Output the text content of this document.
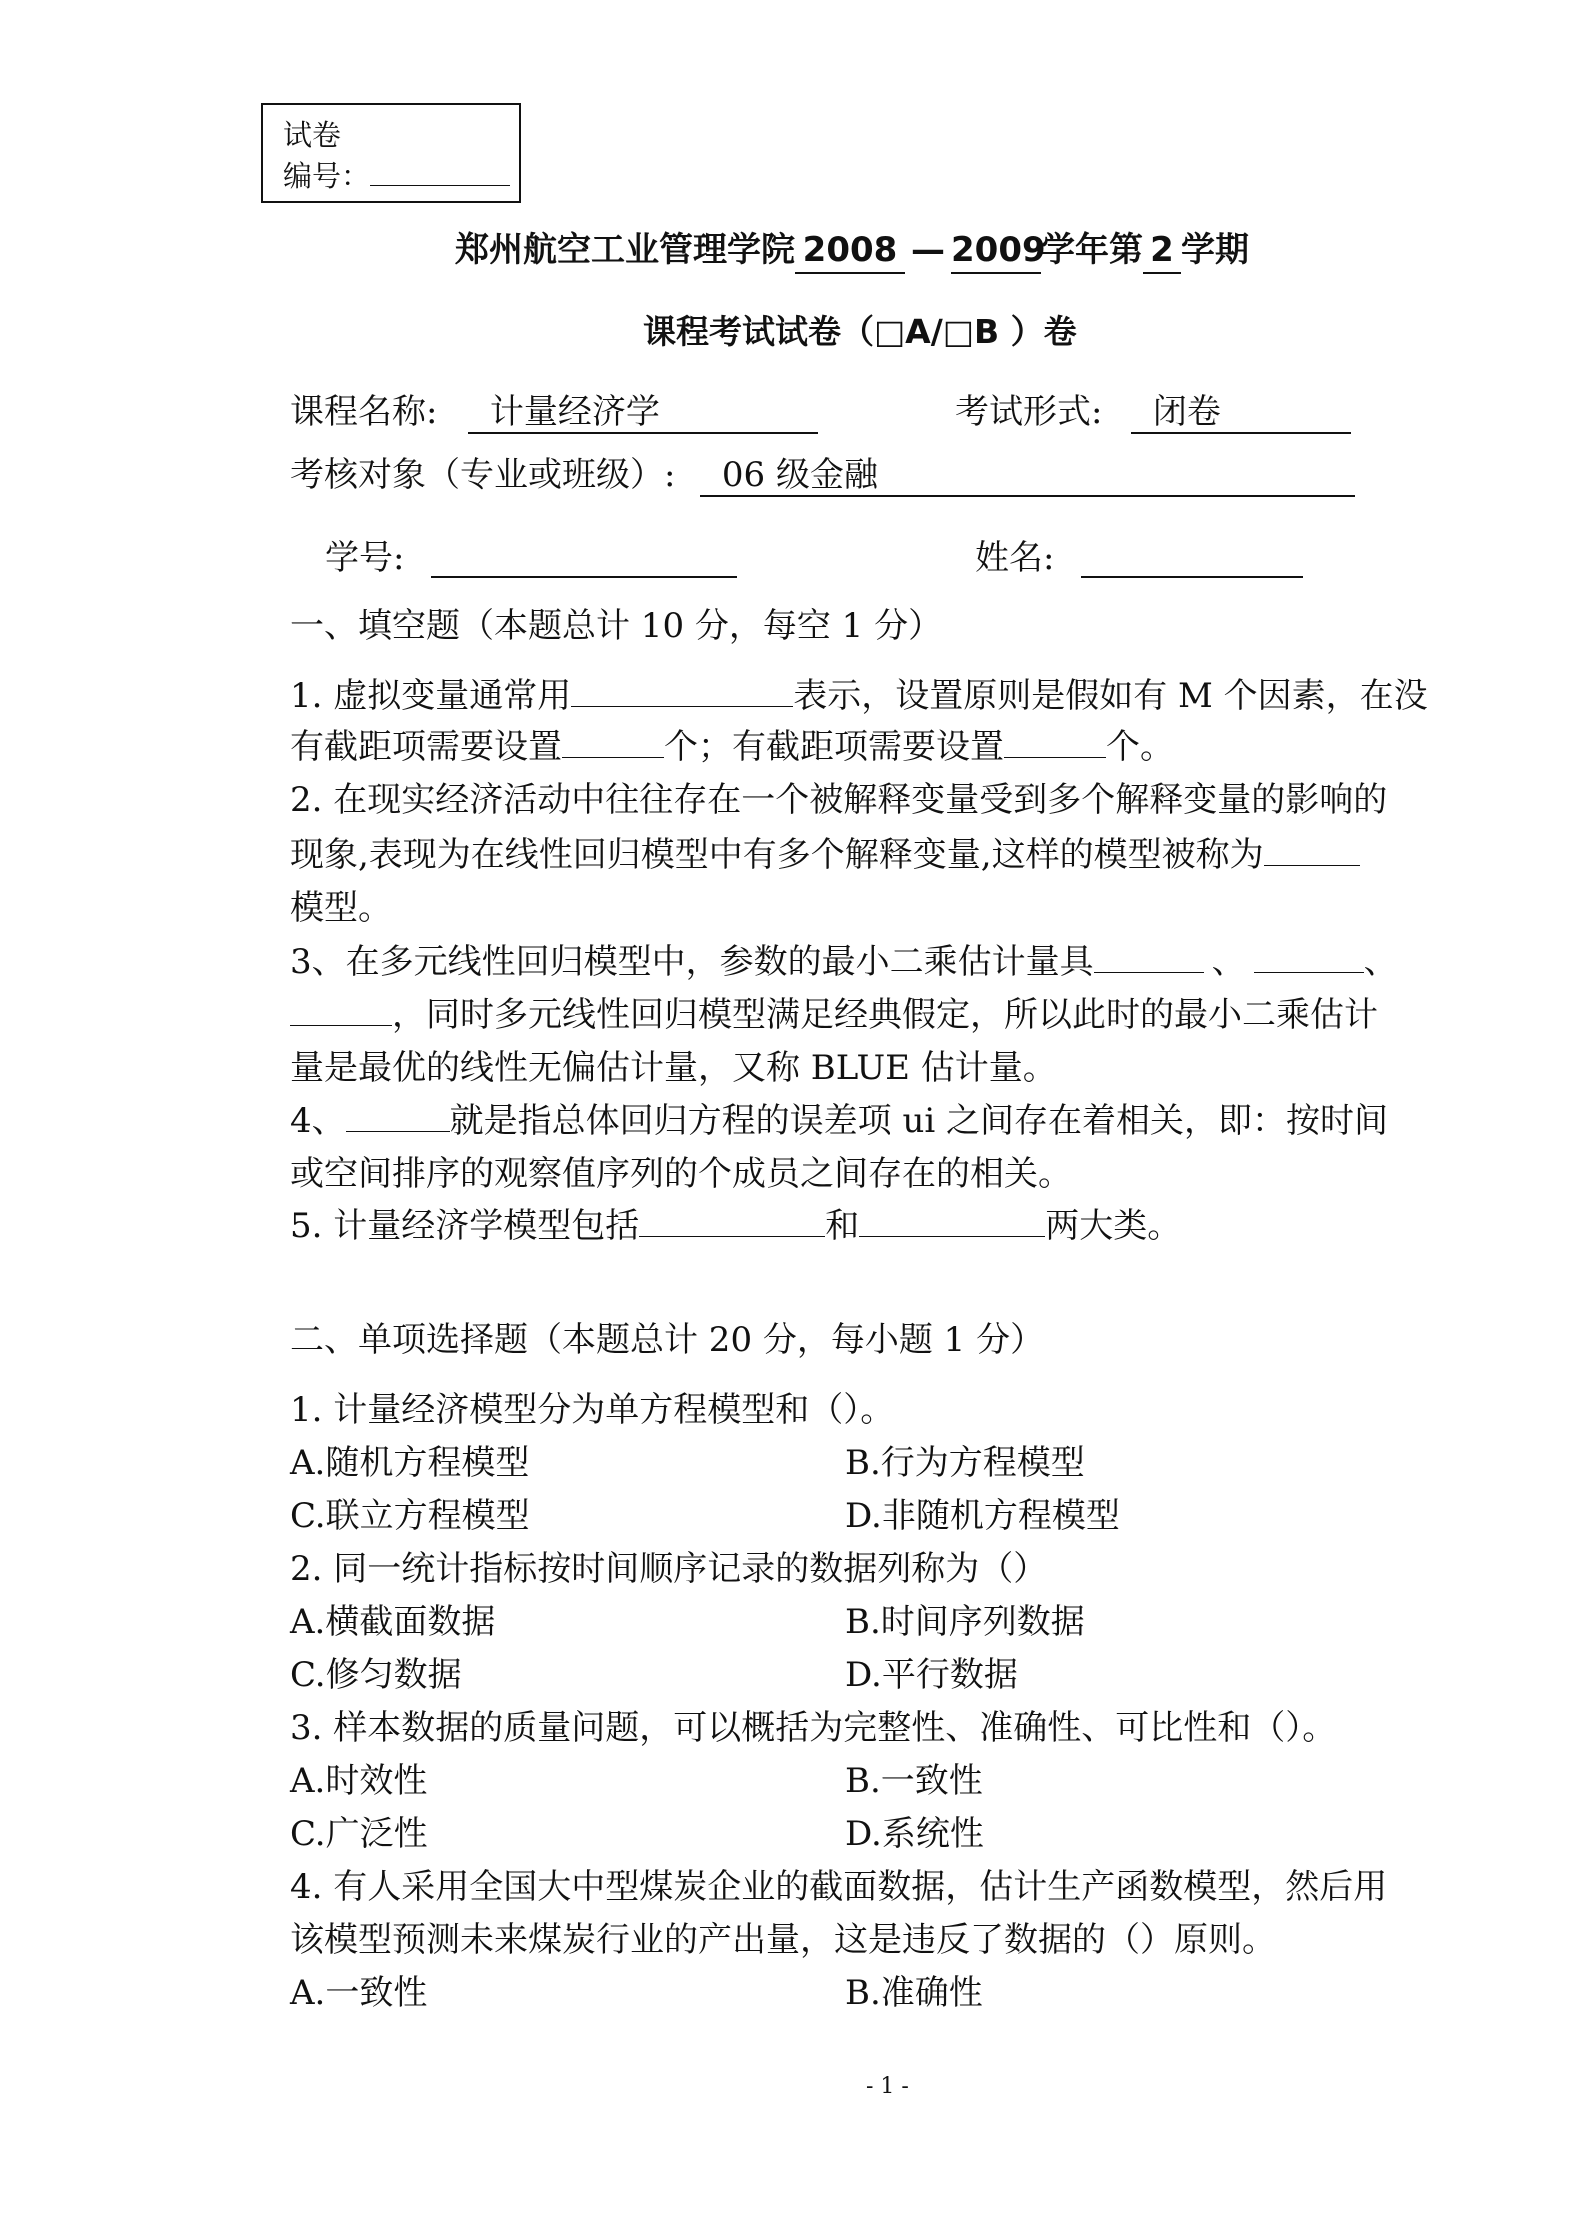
试卷
编号：
郑州航空工业管理学院 2008 — 2009学年第 2 学期
课程考试试卷（□A/□B ）卷
课程名称: 计量经济学	考试形式: 闭卷
考核对象（专业或班级）: 06 级金融
学号:	姓名:
一、填空题（本题总计 10 分，每空 1 分）
1. 虚拟变量通常用	表示，设置原则是假如有 M 个因素，在没
有截距项需要设置	个；有截距项需要设置	个。
2. 在现实经济活动中往往存在一个被解释变量受到多个解释变量的影响的
现象,表现为在线性回归模型中有多个解释变量,这样的模型被称为
模型。
3、在多元线性回归模型中，参数的最小二乘估计量具	、	、
，同时多元线性回归模型满足经典假定，所以此时的最小二乘估计
量是最优的线性无偏估计量，又称 BLUE 估计量。
4、	就是指总体回归方程的误差项 ui 之间存在着相关，即：按时间
或空间排序的观察值序列的个成员之间存在的相关。
5. 计量经济学模型包括	和	两大类。
二、单项选择题（本题总计 20 分，每小题 1 分）
1. 计量经济模型分为单方程模型和（）。
A.随机方程模型	B.行为方程模型
C.联立方程模型	D.非随机方程模型
2. 同一统计指标按时间顺序记录的数据列称为（）
A.横截面数据	B.时间序列数据
C.修匀数据	D.平行数据
3. 样本数据的质量问题，可以概括为完整性、准确性、可比性和（）。
A.时效性	B.一致性
C.广泛性	D.系统性
4. 有人采用全国大中型煤炭企业的截面数据，估计生产函数模型，然后用
该模型预测未来煤炭行业的产出量，这是违反了数据的（）原则。
A.一致性	B.准确性
- 1 -
